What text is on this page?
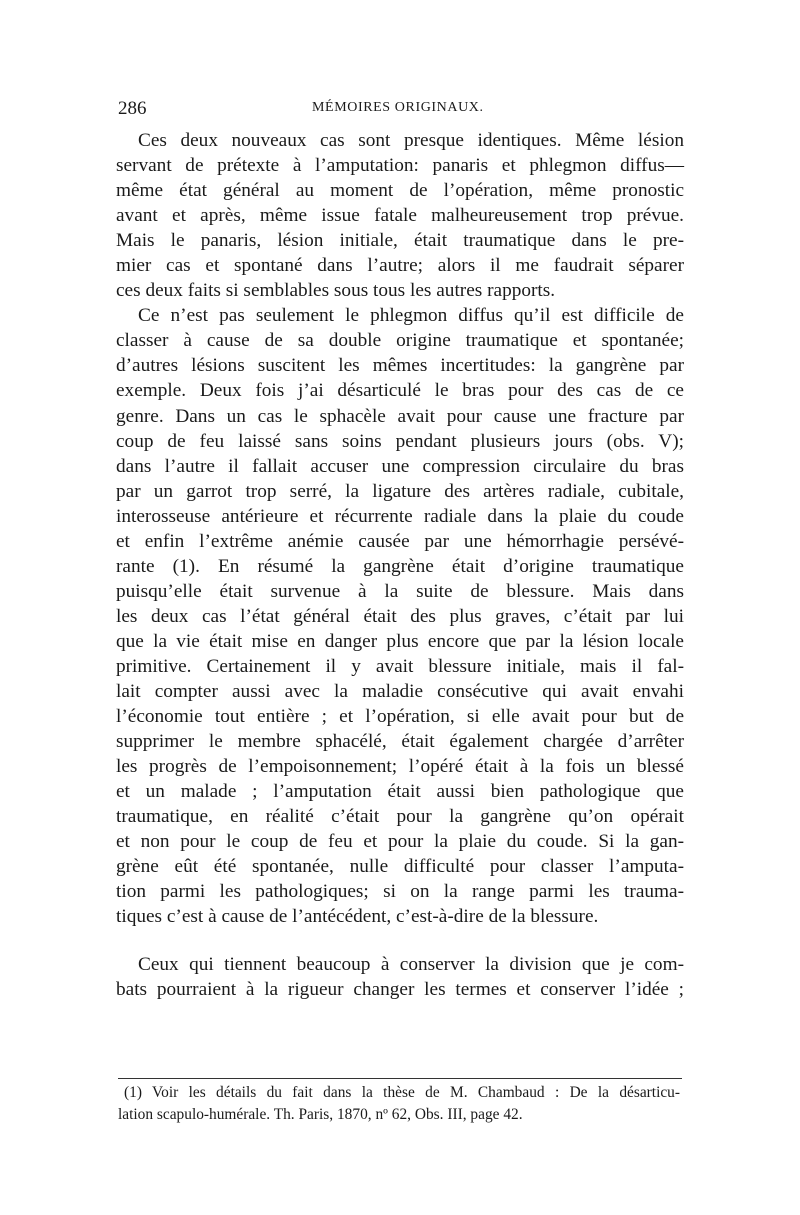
286	MÉMOIRES ORIGINAUX.
Ces deux nouveaux cas sont presque identiques. Même lésion
servant de prétexte à l’amputation: panaris et phlegmon diffus—
même état général au moment de l’opération, même pronostic
avant et après, même issue fatale malheureusement trop prévue.
Mais le panaris, lésion initiale, était traumatique dans le pre-
mier cas et spontané dans l’autre; alors il me faudrait séparer
ces deux faits si semblables sous tous les autres rapports.
Ce n’est pas seulement le phlegmon diffus qu’il est difficile de
classer à cause de sa double origine traumatique et spontanée;
d’autres lésions suscitent les mêmes incertitudes: la gangrène par
exemple. Deux fois j’ai désarticulé le bras pour des cas de ce
genre. Dans un cas le sphacèle avait pour cause une fracture par
coup de feu laissé sans soins pendant plusieurs jours (obs. V);
dans l’autre il fallait accuser une compression circulaire du bras
par un garrot trop serré, la ligature des artères radiale, cubitale,
interosseuse antérieure et récurrente radiale dans la plaie du coude
et enfin l’extrême anémie causée par une hémorrhagie persévé-
rante (1). En résumé la gangrène était d’origine traumatique
puisqu’elle était survenue à la suite de blessure. Mais dans
les deux cas l’état général était des plus graves, c’était par lui
que la vie était mise en danger plus encore que par la lésion locale
primitive. Certainement il y avait blessure initiale, mais il fal-
lait compter aussi avec la maladie consécutive qui avait envahi
l’économie tout entière ; et l’opération, si elle avait pour but de
supprimer le membre sphacélé, était également chargée d’arrêter
les progrès de l’empoisonnement; l’opéré était à la fois un blessé
et un malade ; l’amputation était aussi bien pathologique que
traumatique, en réalité c’était pour la gangrène qu’on opérait
et non pour le coup de feu et pour la plaie du coude. Si la gan-
grène eût été spontanée, nulle difficulté pour classer l’amputa-
tion parmi les pathologiques; si on la range parmi les trauma-
tiques c’est à cause de l’antécédent, c’est-à-dire de la blessure.
Ceux qui tiennent beaucoup à conserver la division que je com-
bats pourraient à la rigueur changer les termes et conserver l’idée ;
(1) Voir les détails du fait dans la thèse de M. Chambaud : De la désarticu-
lation scapulo-humérale. Th. Paris, 1870, nº 62, Obs. III, page 42.
